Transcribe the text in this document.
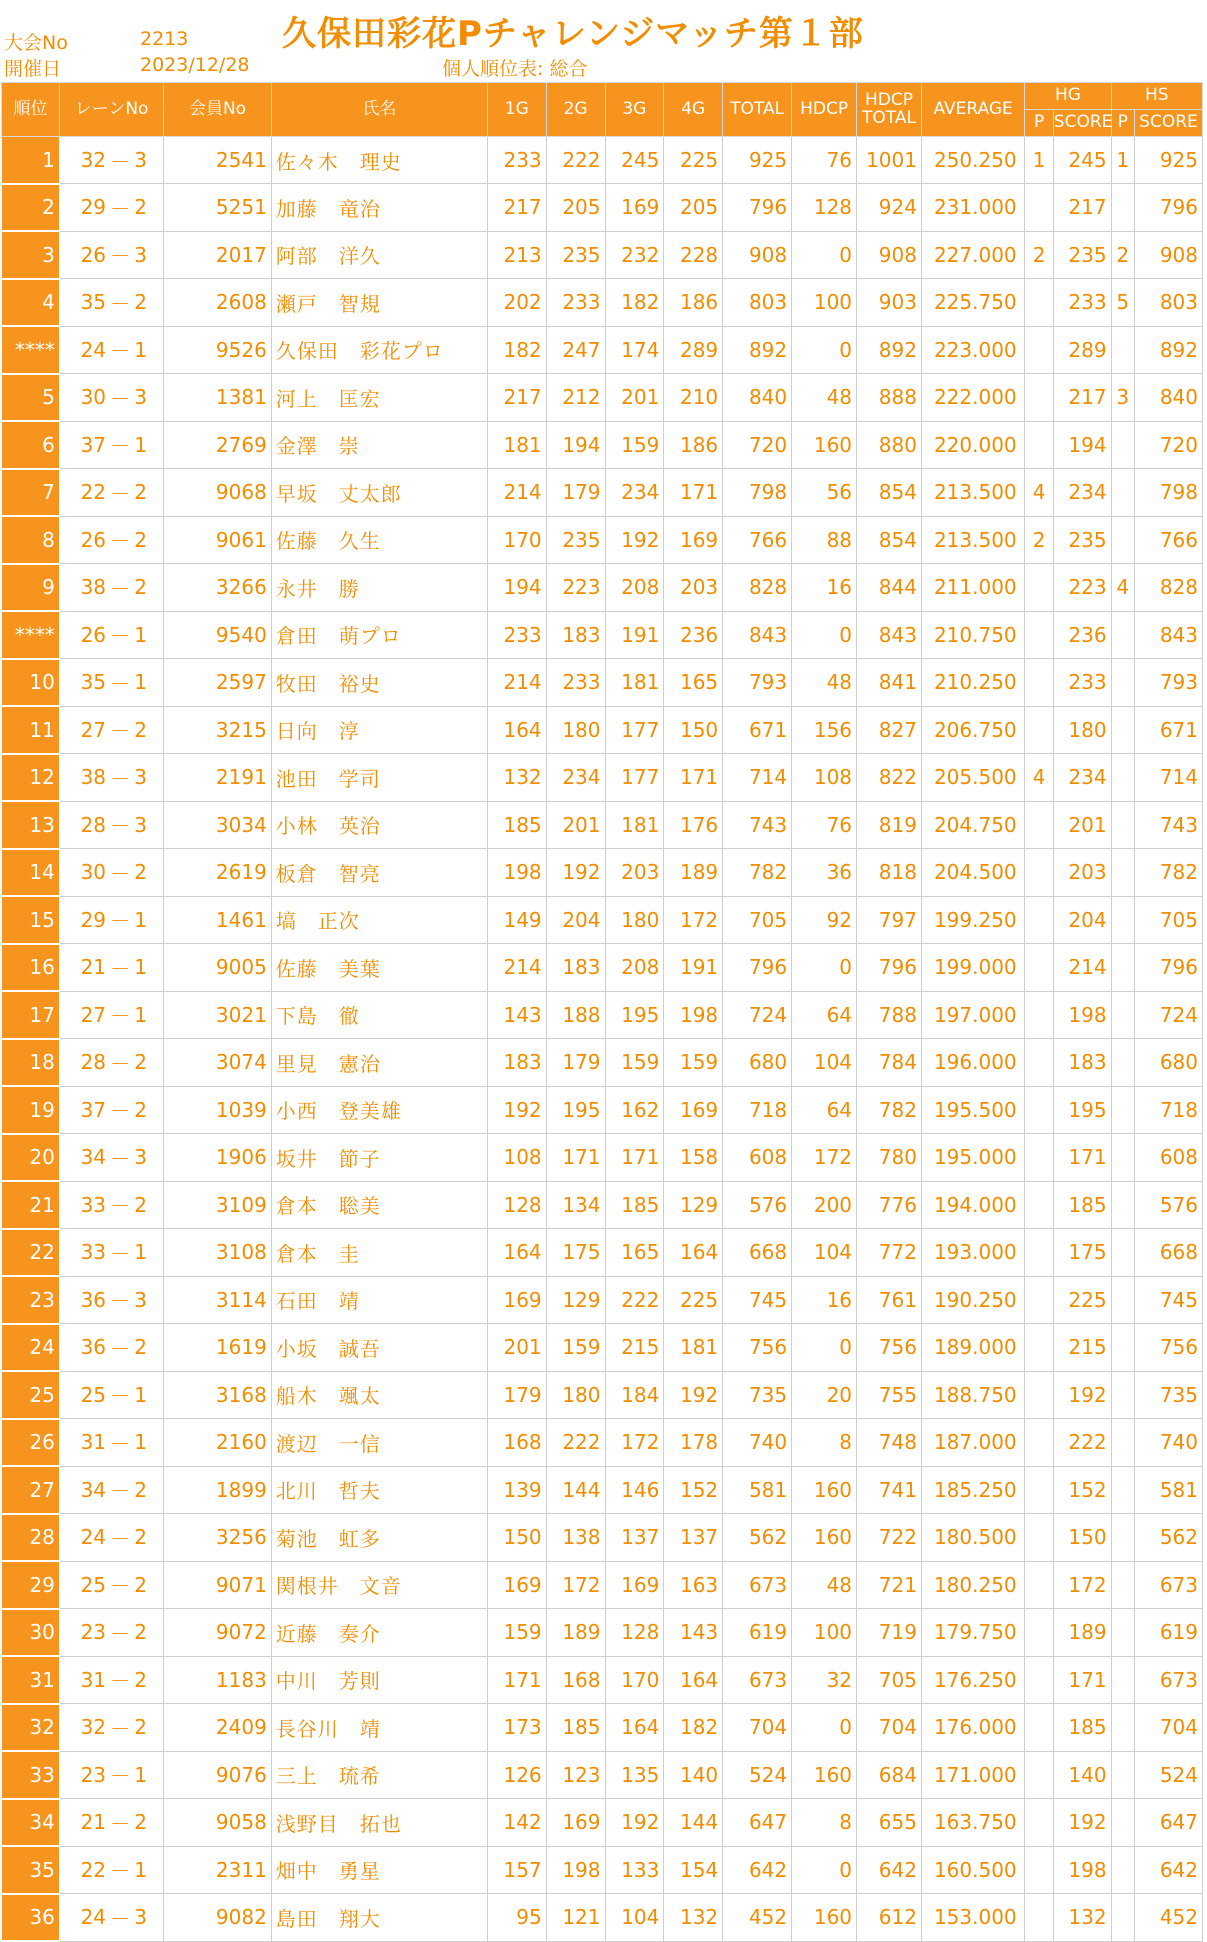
大会No	2213
開催日	2023/12/28
久保田彩花Pチャレンジマッチ第１部
個人順位表: 総合
順位	レーンNo			会員No	氏名	1G	2G	3G	4G	TOTAL	HDCP	HDCP
TOTAL	AVERAGE	HG		HS	
														P	SCORE	P	SCORE
1	32	－	3	2541	佐々木　理史	233	222	245	225	925	76	1001	250.250	1	245	1	925
2	29	－	2	5251	加藤　竜治	217	205	169	205	796	128	924	231.000		217		796
3	26	－	3	2017	阿部　洋久	213	235	232	228	908	0	908	227.000	2	235	2	908
4	35	－	2	2608	瀬戸　智規	202	233	182	186	803	100	903	225.750		233	5	803
****	24	－	1	9526	久保田　彩花プロ	182	247	174	289	892	0	892	223.000		289		892
5	30	－	3	1381	河上　匡宏	217	212	201	210	840	48	888	222.000		217	3	840
6	37	－	1	2769	金澤　崇	181	194	159	186	720	160	880	220.000		194		720
7	22	－	2	9068	早坂　丈太郎	214	179	234	171	798	56	854	213.500	4	234		798
8	26	－	2	9061	佐藤　久生	170	235	192	169	766	88	854	213.500	2	235		766
9	38	－	2	3266	永井　勝	194	223	208	203	828	16	844	211.000		223	4	828
****	26	－	1	9540	倉田　萌プロ	233	183	191	236	843	0	843	210.750		236		843
10	35	－	1	2597	牧田　裕史	214	233	181	165	793	48	841	210.250		233		793
11	27	－	2	3215	日向　淳	164	180	177	150	671	156	827	206.750		180		671
12	38	－	3	2191	池田　学司	132	234	177	171	714	108	822	205.500	4	234		714
13	28	－	3	3034	小林　英治	185	201	181	176	743	76	819	204.750		201		743
14	30	－	2	2619	板倉　智亮	198	192	203	189	782	36	818	204.500		203		782
15	29	－	1	1461	塙　正次	149	204	180	172	705	92	797	199.250		204		705
16	21	－	1	9005	佐藤　美葉	214	183	208	191	796	0	796	199.000		214		796
17	27	－	1	3021	下島　徹	143	188	195	198	724	64	788	197.000		198		724
18	28	－	2	3074	里見　憲治	183	179	159	159	680	104	784	196.000		183		680
19	37	－	2	1039	小西　登美雄	192	195	162	169	718	64	782	195.500		195		718
20	34	－	3	1906	坂井　節子	108	171	171	158	608	172	780	195.000		171		608
21	33	－	2	3109	倉本　聡美	128	134	185	129	576	200	776	194.000		185		576
22	33	－	1	3108	倉本　圭	164	175	165	164	668	104	772	193.000		175		668
23	36	－	3	3114	石田　靖	169	129	222	225	745	16	761	190.250		225		745
24	36	－	2	1619	小坂　誠吾	201	159	215	181	756	0	756	189.000		215		756
25	25	－	1	3168	船木　颯太	179	180	184	192	735	20	755	188.750		192		735
26	31	－	1	2160	渡辺　一信	168	222	172	178	740	8	748	187.000		222		740
27	34	－	2	1899	北川　哲夫	139	144	146	152	581	160	741	185.250		152		581
28	24	－	2	3256	菊池　虹多	150	138	137	137	562	160	722	180.500		150		562
29	25	－	2	9071	関根井　文音	169	172	169	163	673	48	721	180.250		172		673
30	23	－	2	9072	近藤　奏介	159	189	128	143	619	100	719	179.750		189		619
31	31	－	2	1183	中川　芳則	171	168	170	164	673	32	705	176.250		171		673
32	32	－	2	2409	長谷川　靖	173	185	164	182	704	0	704	176.000		185		704
33	23	－	1	9076	三上　琉希	126	123	135	140	524	160	684	171.000		140		524
34	21	－	2	9058	浅野目　拓也	142	169	192	144	647	8	655	163.750		192		647
35	22	－	1	2311	畑中　勇星	157	198	133	154	642	0	642	160.500		198		642
36	24	－	3	9082	島田　翔大	95	121	104	132	452	160	612	153.000		132		452
